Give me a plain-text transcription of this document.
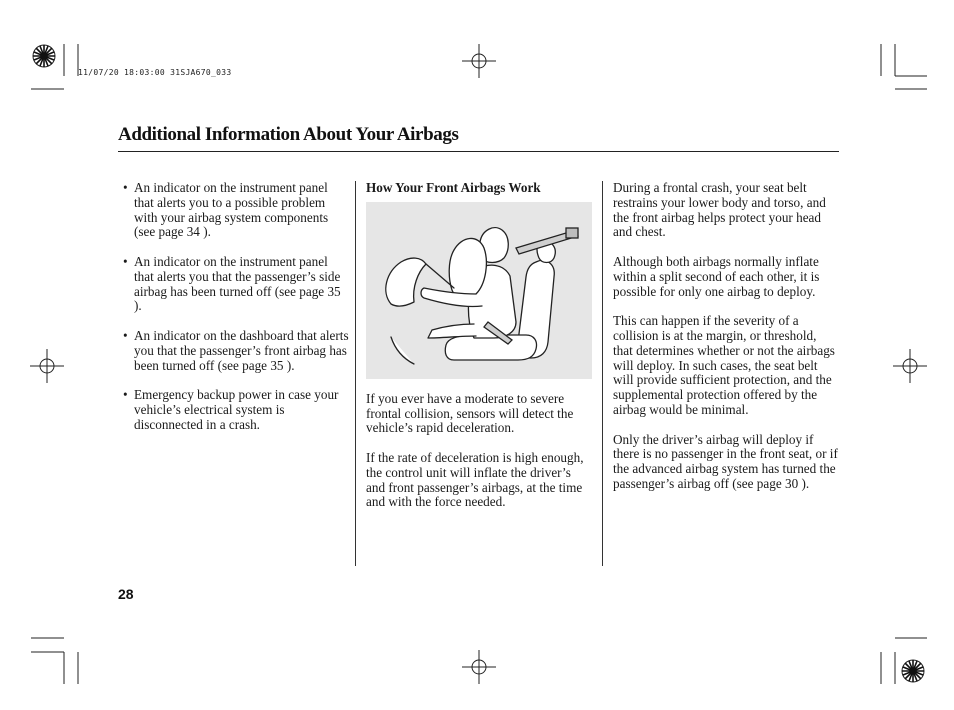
11/07/20 18:03:00 31SJA670_033
Additional Information About Your Airbags
• An indicator on the instrument panel that alerts you to a possible problem with your airbag system components (see page 34 ).
• An indicator on the instrument panel that alerts you that the passenger’s side airbag has been turned off (see page 35 ).
• An indicator on the dashboard that alerts you that the passenger’s front airbag has been turned off (see page 35 ).
• Emergency backup power in case your vehicle’s electrical system is disconnected in a crash.
How Your Front Airbags Work

If you ever have a moderate to severe frontal collision, sensors will detect the vehicle’s rapid deceleration.

If the rate of deceleration is high enough, the control unit will inflate the driver’s and front passenger’s airbags, at the time and with the force needed.

During a frontal crash, your seat belt restrains your lower body and torso, and the front airbag helps protect your head and chest.

Although both airbags normally inflate within a split second of each other, it is possible for only one airbag to deploy.

This can happen if the severity of a collision is at the margin, or threshold, that determines whether or not the airbags will deploy. In such cases, the seat belt will provide sufficient protection, and the supplemental protection offered by the airbag would be minimal.

Only the driver’s airbag will deploy if there is no passenger in the front seat, or if the advanced airbag system has turned the passenger’s airbag off (see page 30 ).

28
